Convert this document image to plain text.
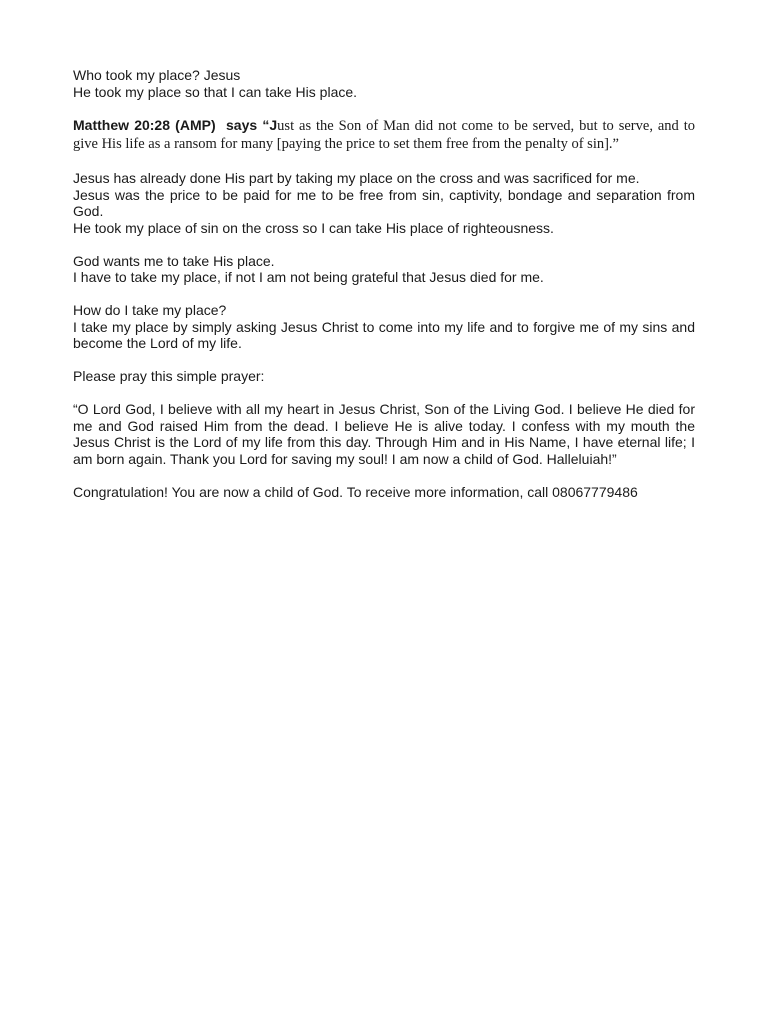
Who took my place? Jesus

He took my place so that I can take His place.

Matthew 20:28 (AMP) says “Just as the Son of Man did not come to be served, but to serve, and to give His life as a ransom for many [paying the price to set them free from the penalty of sin].”

Jesus has already done His part by taking my place on the cross and was sacrificed for me.

Jesus was the price to be paid for me to be free from sin, captivity, bondage and separation from God.

He took my place of sin on the cross so I can take His place of righteousness.

God wants me to take His place.

I have to take my place, if not I am not being grateful that Jesus died for me.

How do I take my place?

I take my place by simply asking Jesus Christ to come into my life and to forgive me of my sins and become the Lord of my life.

Please pray this simple prayer:

“O Lord God, I believe with all my heart in Jesus Christ, Son of the Living God. I believe He died for me and God raised Him from the dead. I believe He is alive today. I confess with my mouth the Jesus Christ is the Lord of my life from this day. Through Him and in His Name, I have eternal life; I am born again. Thank you Lord for saving my soul! I am now a child of God. Halleluiah!”

Congratulation! You are now a child of God. To receive more information, call 08067779486
